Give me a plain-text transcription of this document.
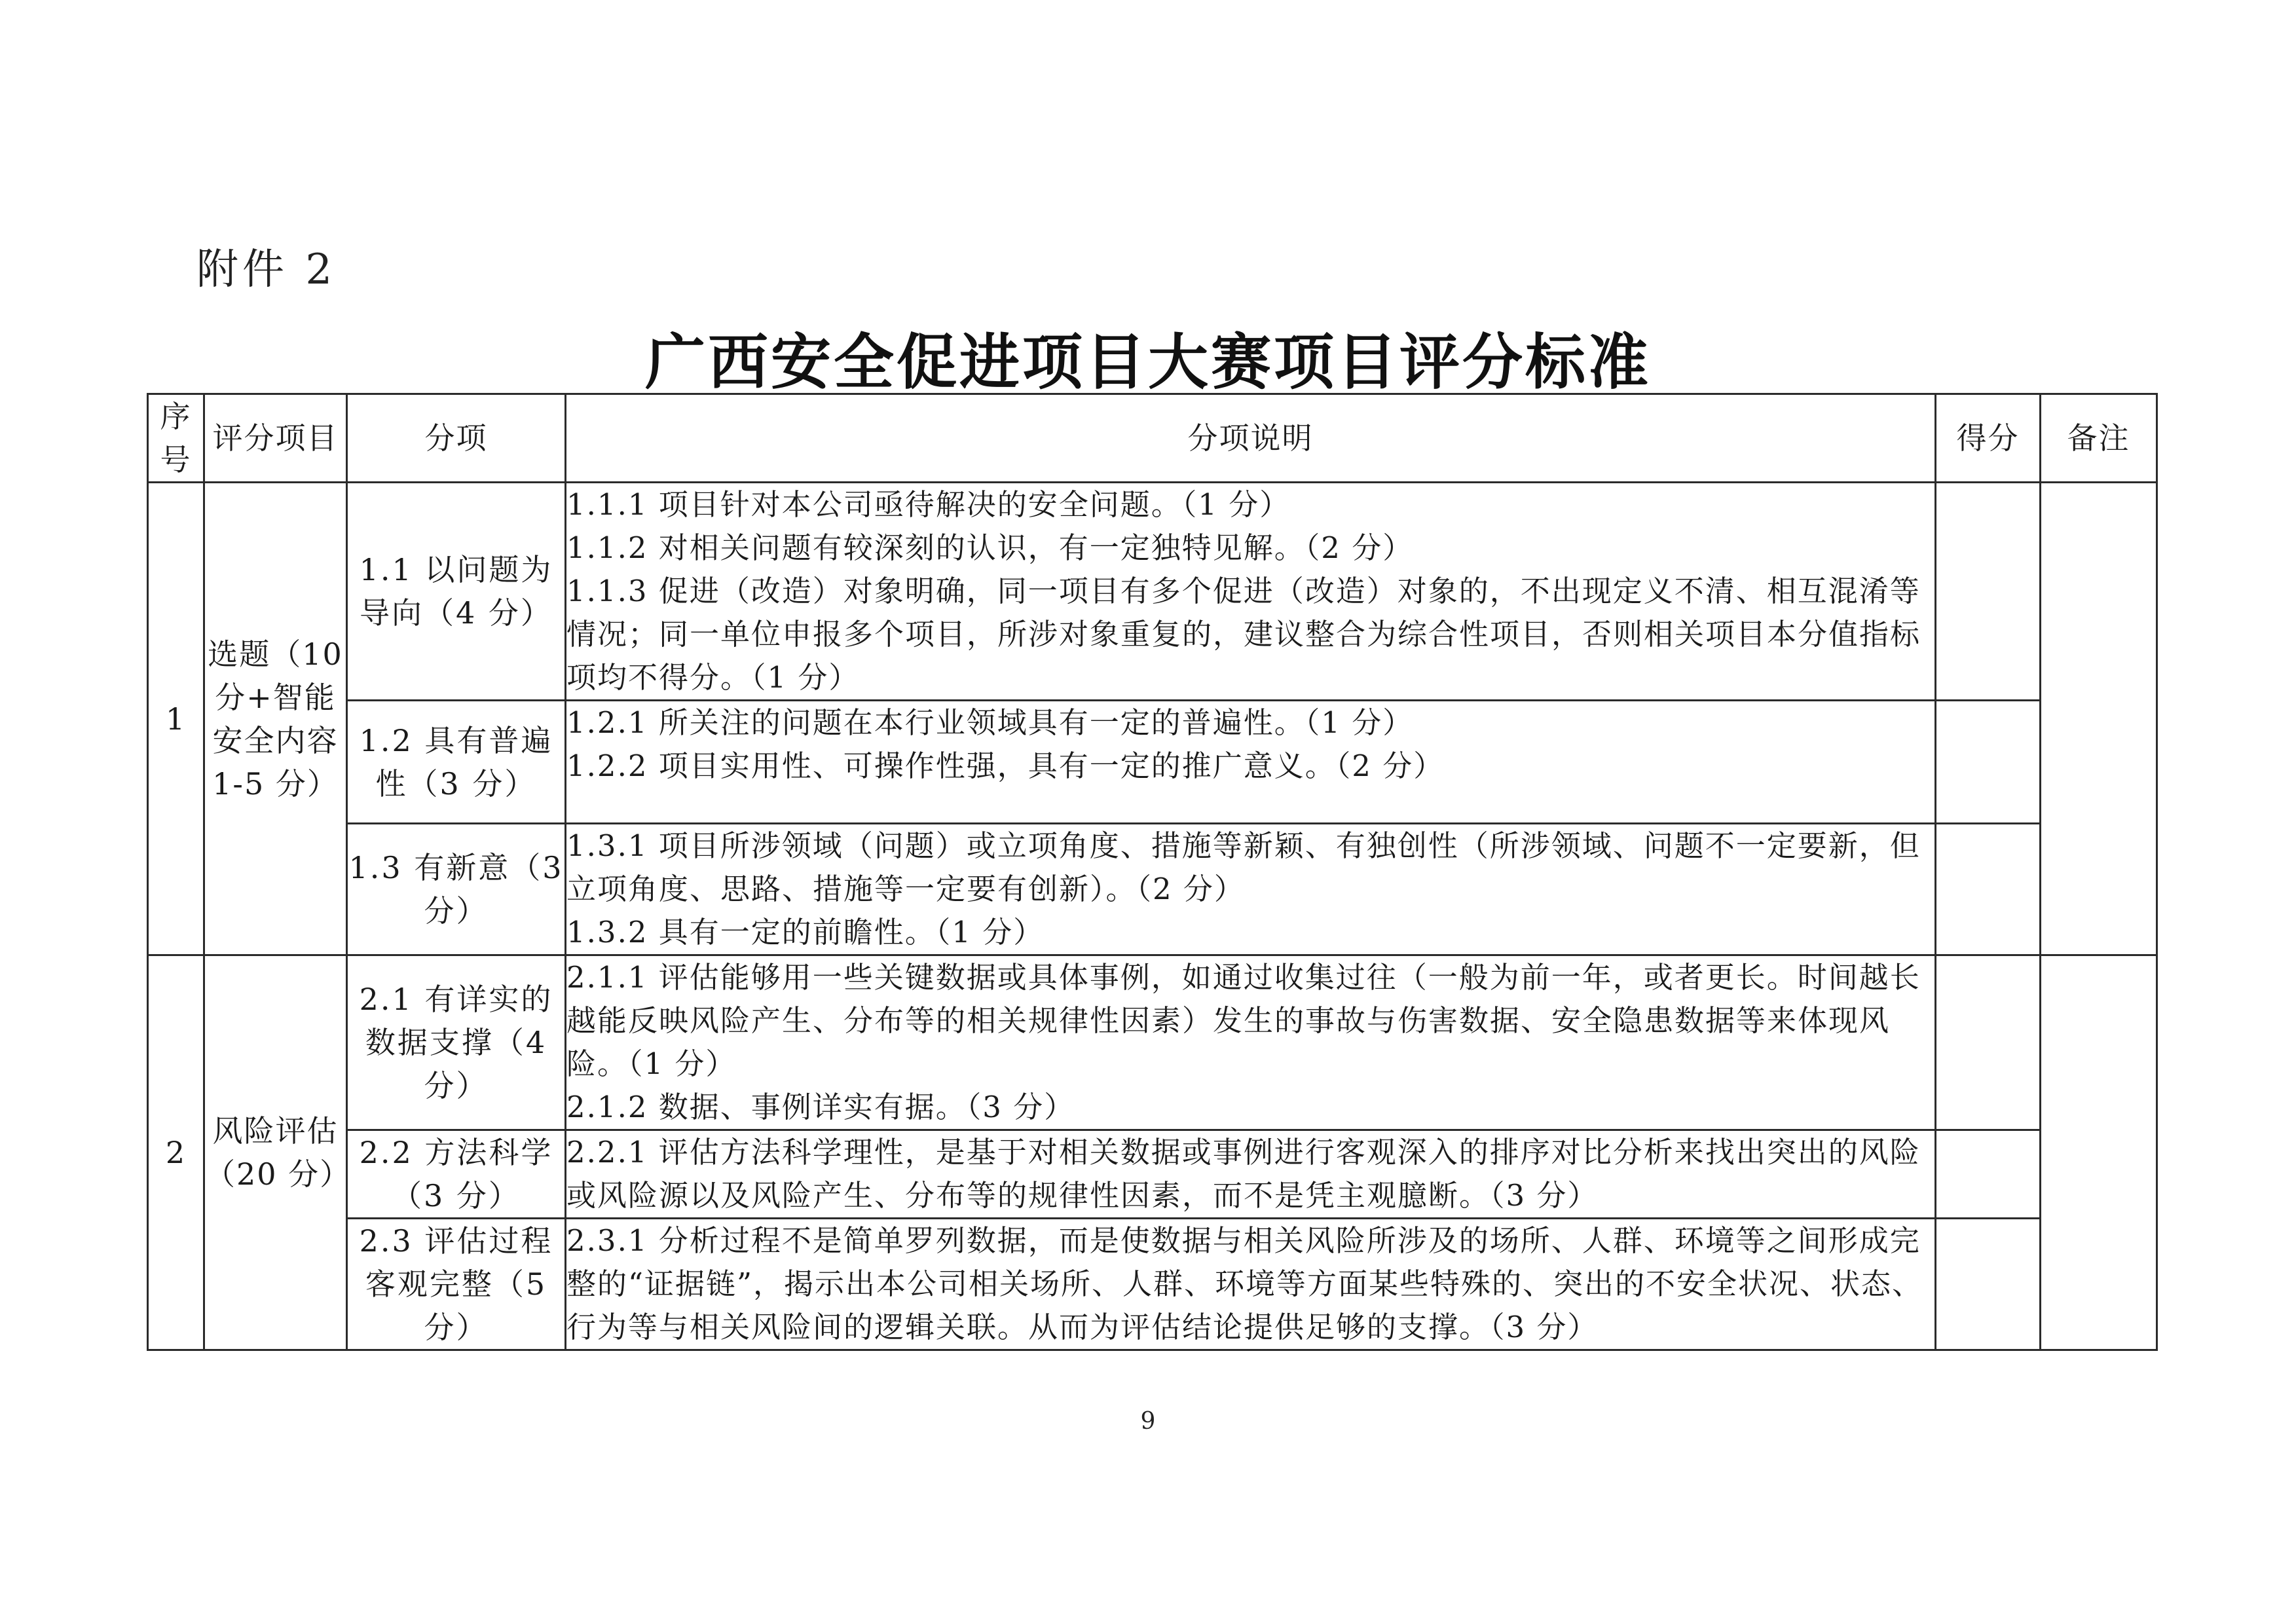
附件 2
广西安全促进项目大赛项目评分标准
序号	评分项目	分项	分项说明	得分	备注
1	选题（10 分+智能安全内容 1-5 分）	1.1 以问题为导向（4 分）	1.1.1 项目针对本公司亟待解决的安全问题。（1 分）
1.1.2 对相关问题有较深刻的认识，有一定独特见解。（2 分）
1.1.3 促进（改造）对象明确，同一项目有多个促进（改造）对象的，不出现定义不清、相互混淆等情况；同一单位申报多个项目，所涉对象重复的，建议整合为综合性项目，否则相关项目本分值指标项均不得分。（1 分）		

		1.2 具有普遍性（3 分）	1.2.1 所关注的问题在本行业领域具有一定的普遍性。（1 分）
1.2.2 项目实用性、可操作性强，具有一定的推广意义。（2 分）		

		1.3 有新意（3 分）	1.3.1 项目所涉领域（问题）或立项角度、措施等新颖、有独创性（所涉领域、问题不一定要新，但立项角度、思路、措施等一定要有创新）。（2 分）
1.3.2 具有一定的前瞻性。（1 分）		

2	风险评估（20 分）	2.1 有详实的数据支撑（4 分）	2.1.1 评估能够用一些关键数据或具体事例，如通过收集过往（一般为前一年，或者更长。时间越长越能反映风险产生、分布等的相关规律性因素）发生的事故与伤害数据、安全隐患数据等来体现风险。（1 分）
2.1.2 数据、事例详实有据。（3 分）		

		2.2 方法科学（3 分）	2.2.1 评估方法科学理性，是基于对相关数据或事例进行客观深入的排序对比分析来找出突出的风险或风险源以及风险产生、分布等的规律性因素，而不是凭主观臆断。（3 分）		

		2.3 评估过程客观完整（5 分）	2.3.1 分析过程不是简单罗列数据，而是使数据与相关风险所涉及的场所、人群、环境等之间形成完整的“证据链”，揭示出本公司相关场所、人群、环境等方面某些特殊的、突出的不安全状况、状态、行为等与相关风险间的逻辑关联。从而为评估结论提供足够的支撑。（3 分）		

9
